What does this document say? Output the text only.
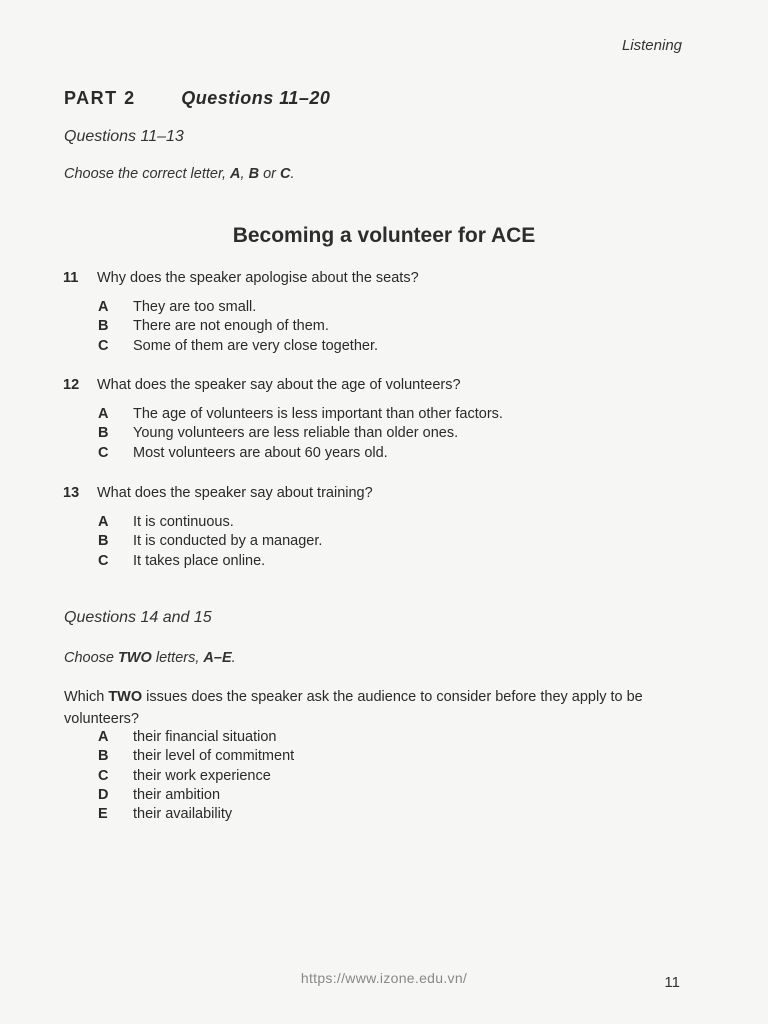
Listening
PART 2	Questions 11–20
Questions 11–13
Choose the correct letter, A, B or C.
Becoming a volunteer for ACE
11	Why does the speaker apologise about the seats?
A	They are too small.
B	There are not enough of them.
C	Some of them are very close together.
12	What does the speaker say about the age of volunteers?
A	The age of volunteers is less important than other factors.
B	Young volunteers are less reliable than older ones.
C	Most volunteers are about 60 years old.
13	What does the speaker say about training?
A	It is continuous.
B	It is conducted by a manager.
C	It takes place online.
Questions 14 and 15
Choose TWO letters, A–E.
Which TWO issues does the speaker ask the audience to consider before they apply to be volunteers?
A	their financial situation
B	their level of commitment
C	their work experience
D	their ambition
E	their availability
https://www.izone.edu.vn/	11
